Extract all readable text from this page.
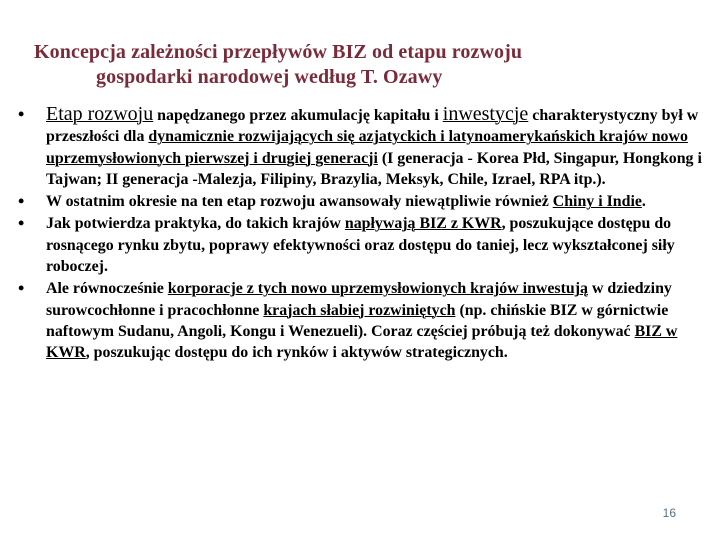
Koncepcja zależności przepływów BIZ od etapu rozwoju
gospodarki narodowej według T. Ozawy
• Etap rozwoju napędzanego przez akumulację kapitału i inwestycje charakterystyczny był w przeszłości dla dynamicznie rozwijających się azjatyckich i latynoamerykańskich krajów nowo uprzemysłowionych pierwszej i drugiej generacji (I generacja - Korea Płd, Singapur, Hongkong i Tajwan; II generacja -Malezja, Filipiny, Brazylia, Meksyk, Chile, Izrael, RPA itp.).
• W ostatnim okresie na ten etap rozwoju awansowały niewątpliwie również Chiny i Indie.
• Jak potwierdza praktyka, do takich krajów napływają BIZ z KWR, poszukujące dostępu do rosnącego rynku zbytu, poprawy efektywności oraz dostępu do taniej, lecz wykształconej siły roboczej.
• Ale równocześnie korporacje z tych nowo uprzemysłowionych krajów inwestują w dziedziny surowcochłonne i pracochłonne krajach słabiej rozwiniętych (np. chińskie BIZ w górnictwie naftowym Sudanu, Angoli, Kongu i Wenezueli). Coraz częściej próbują też dokonywać BIZ w KWR, poszukując dostępu do ich rynków i aktywów strategicznych.
16
